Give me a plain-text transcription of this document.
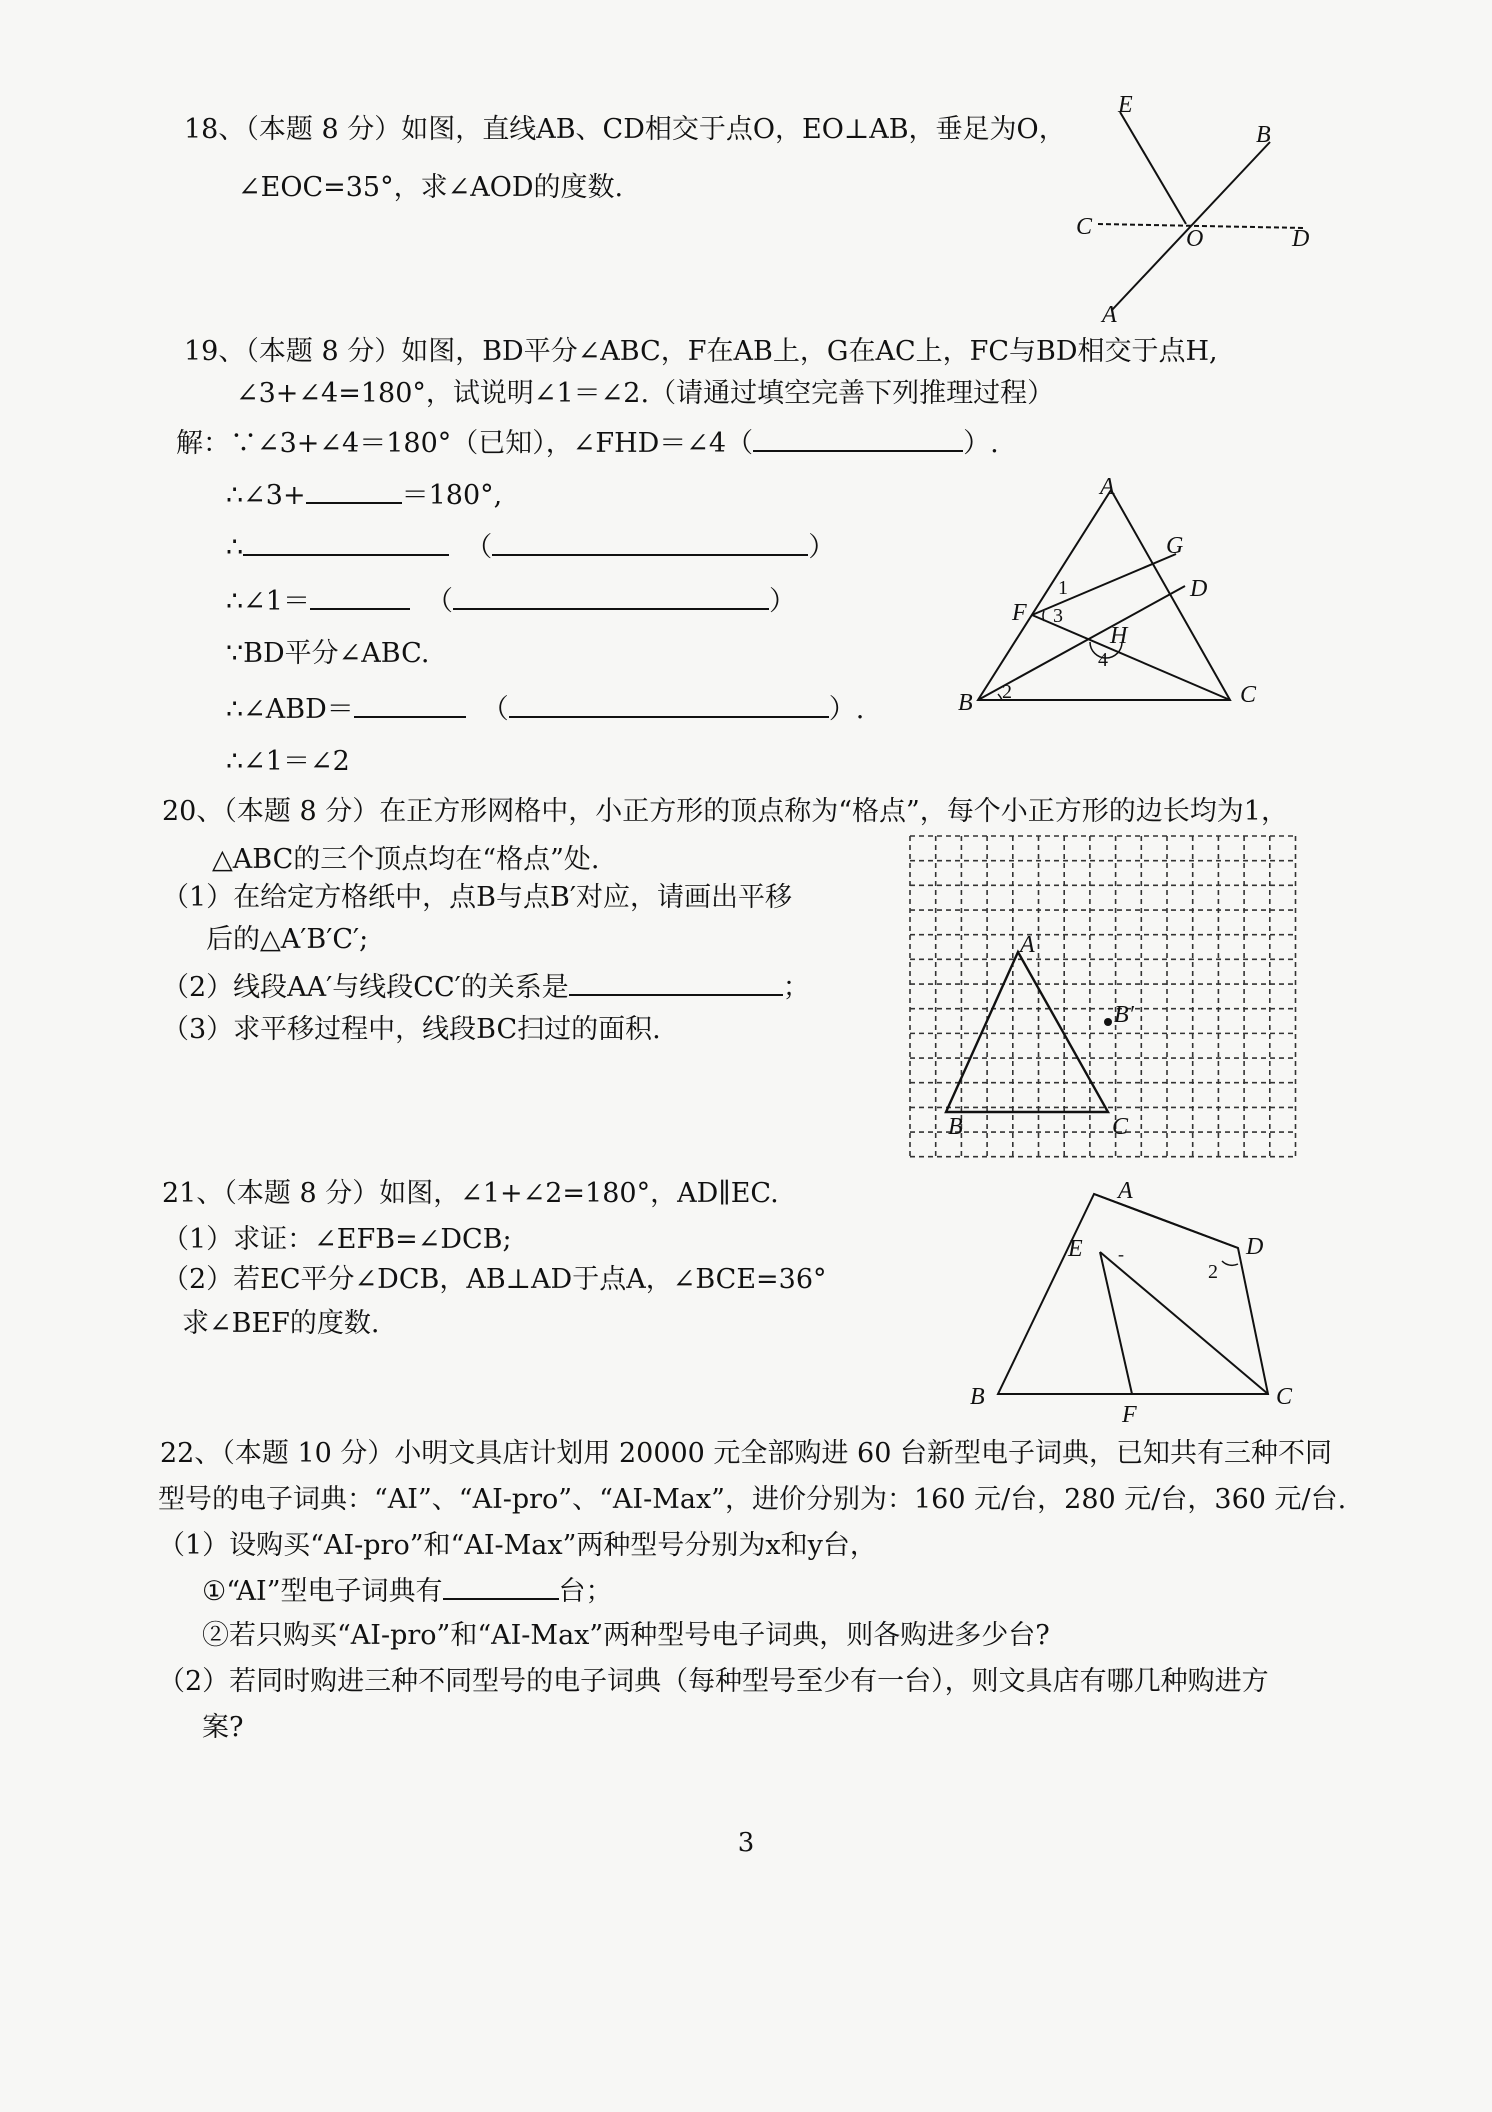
18、（本题 8 分）如图，直线AB、CD相交于点O，EO⊥AB，垂足为O，
∠EOC=35°，求∠AOD的度数.
E
B
C	O	D
A
19、（本题 8 分）如图，BD平分∠ABC，F在AB上，G在AC上，FC与BD相交于点H,
∠3+∠4=180°，试说明∠1＝∠2.（请通过填空完善下列推理过程）
解：∵∠3+∠4＝180°（已知），∠FHD＝∠4（	）.
∴∠3+	＝180°,
∴	（	）
∴∠1＝	（	）
∵BD平分∠ABC.
∴∠ABD＝	（	）.
∴∠1＝∠2
A
G
D
F
H
B	C
1
2
3
4
20、（本题 8 分）在正方形网格中，小正方形的顶点称为“格点”，每个小正方形的边长均为1，
△ABC的三个顶点均在“格点”处.
（1）在给定方格纸中，点B与点B′对应，请画出平移
后的△A′B′C′;
（2）线段AA′与线段CC′的关系是	；
（3）求平移过程中，线段BC扫过的面积.
A
B′
B	C
21、（本题 8 分）如图，∠1+∠2=180°，AD∥EC.
（1）求证：∠EFB=∠DCB;
（2）若EC平分∠DCB，AB⊥AD于点A，∠BCE=36°
求∠BEF的度数.
-
A
E	D
2
B
F
C
22、（本题 10 分）小明文具店计划用 20000 元全部购进 60 台新型电子词典，已知共有三种不同
型号的电子词典：“AI”、“AI-pro”、“AI-Max”，进价分别为：160 元/台，280 元/台，360 元/台.
（1）设购买“AI-pro”和“AI-Max”两种型号分别为x和y台，
①“AI”型电子词典有	台；
②若只购买“AI-pro”和“AI-Max”两种型号电子词典，则各购进多少台?
（2）若同时购进三种不同型号的电子词典（每种型号至少有一台），则文具店有哪几种购进方
案?
3
